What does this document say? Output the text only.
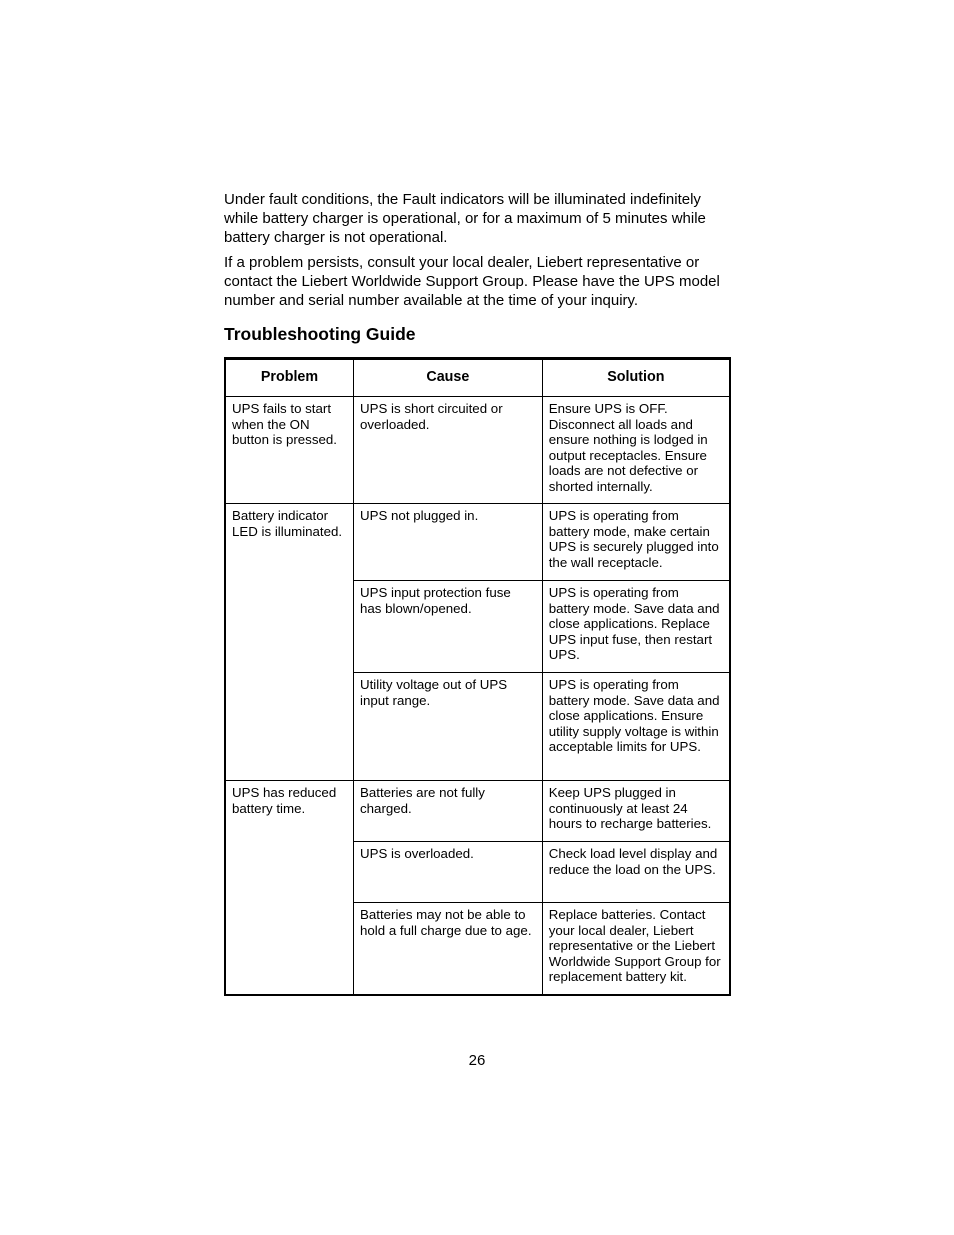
Under fault conditions, the Fault indicators will be illuminated indefinitely while battery charger is operational, or for a maximum of 5 minutes while battery charger is not operational.

If a problem persists, consult your local dealer, Liebert representative or contact the Liebert Worldwide Support Group. Please have the UPS model number and serial number available at the time of your inquiry.

Troubleshooting Guide
Problem	Cause	Solution
UPS fails to start when the ON button is pressed.	UPS is short circuited or overloaded.	Ensure UPS is OFF. Disconnect all loads and ensure nothing is lodged in output receptacles. Ensure loads are not defective or shorted internally.
Battery indicator LED is illuminated.	UPS not plugged in.	UPS is operating from battery mode, make certain UPS is securely plugged into the wall receptacle.
	UPS input protection fuse has blown/opened.	UPS is operating from battery mode. Save data and close applications. Replace UPS input fuse, then restart UPS.
	Utility voltage out of UPS input range.	UPS is operating from battery mode. Save data and close applications. Ensure utility supply voltage is within acceptable limits for UPS.
UPS has reduced battery time.	Batteries are not fully charged.	Keep UPS plugged in continuously at least 24 hours to recharge batteries.
	UPS is overloaded.	Check load level display and reduce the load on the UPS.
	Batteries may not be able to hold a full charge due to age.	Replace batteries. Contact your local dealer, Liebert representative or the Liebert Worldwide Support Group for replacement battery kit.
26
